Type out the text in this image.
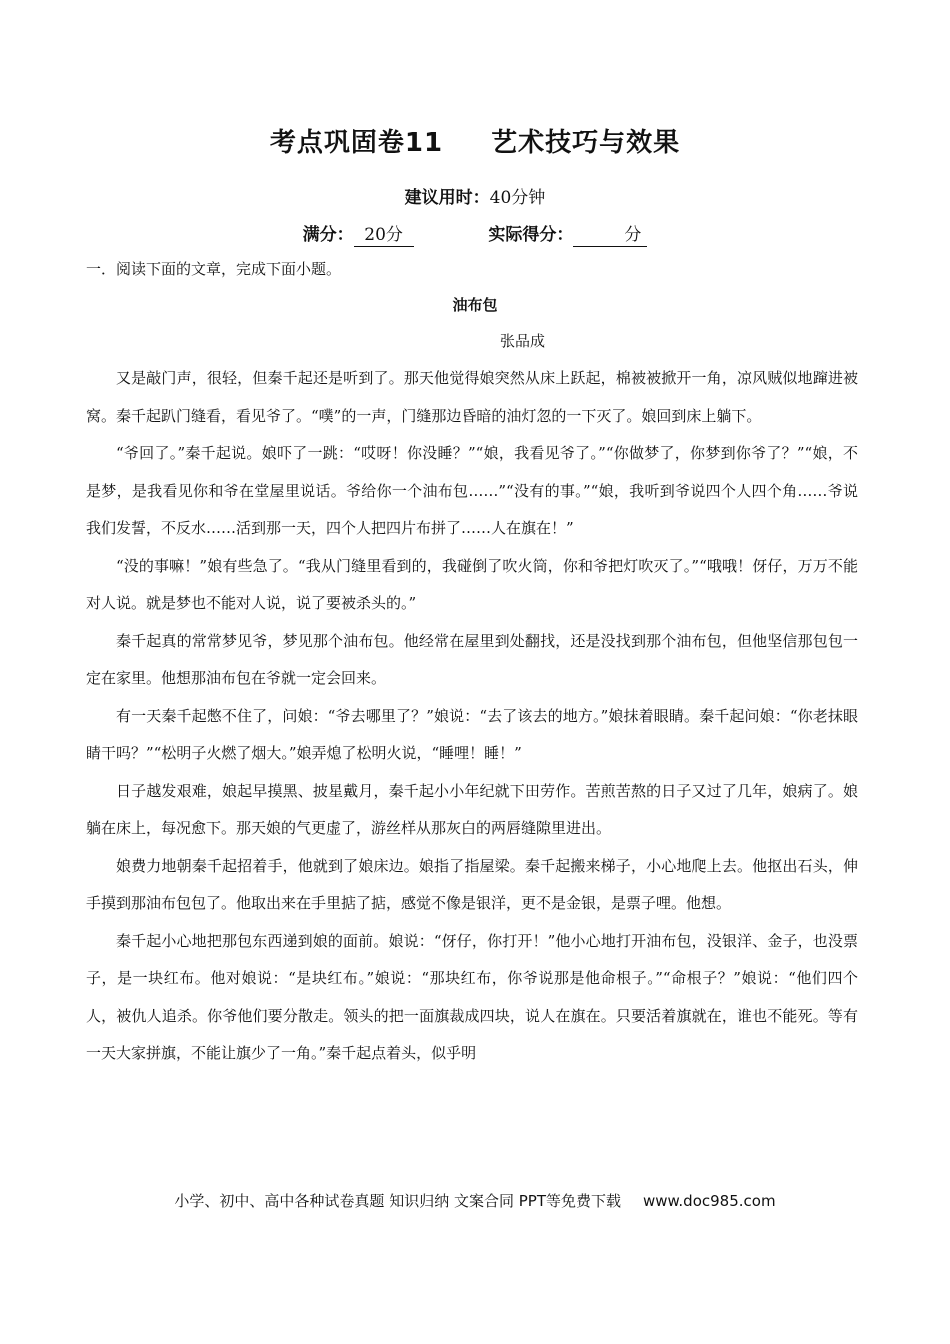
考点巩固卷11 艺术技巧与效果
建议用时：40分钟
满分： 20分	实际得分：	分
一．阅读下面的文章，完成下面小题。
油布包
张品成

又是敲门声，很轻，但秦千起还是听到了。那天他觉得娘突然从床上跃起，棉被被掀开一角，凉风贼似地蹿进被窝。秦千起趴门缝看，看见爷了。“噗”的一声，门缝那边昏暗的油灯忽的一下灭了。娘回到床上躺下。

“爷回了。”秦千起说。娘吓了一跳：“哎呀！你没睡？”“娘，我看见爷了。”“你做梦了，你梦到你爷了？”“娘，不是梦，是我看见你和爷在堂屋里说话。爷给你一个油布包……”“没有的事。”“娘，我听到爷说四个人四个角……爷说我们发誓，不反水……活到那一天，四个人把四片布拼了……人在旗在！”

“没的事嘛！”娘有些急了。“我从门缝里看到的，我碰倒了吹火筒，你和爷把灯吹灭了。”“哦哦！伢仔，万万不能对人说。就是梦也不能对人说，说了要被杀头的。”

秦千起真的常常梦见爷，梦见那个油布包。他经常在屋里到处翻找，还是没找到那个油布包，但他坚信那包包一定在家里。他想那油布包在爷就一定会回来。

有一天秦千起憋不住了，问娘：“爷去哪里了？”娘说：“去了该去的地方。”娘抹着眼睛。秦千起问娘：“你老抹眼睛干吗？”“松明子火燃了烟大。”娘弄熄了松明火说，“睡哩！睡！”

日子越发艰难，娘起早摸黑、披星戴月，秦千起小小年纪就下田劳作。苦煎苦熬的日子又过了几年，娘病了。娘躺在床上，每况愈下。那天娘的气更虚了，游丝样从那灰白的两唇缝隙里进出。

娘费力地朝秦千起招着手，他就到了娘床边。娘指了指屋梁。秦千起搬来梯子，小心地爬上去。他抠出石头，伸手摸到那油布包包了。他取出来在手里掂了掂，感觉不像是银洋，更不是金银，是票子哩。他想。

秦千起小心地把那包东西递到娘的面前。娘说：“伢仔，你打开！”他小心地打开油布包，没银洋、金子，也没票子，是一块红布。他对娘说：“是块红布。”娘说：“那块红布，你爷说那是他命根子。”“命根子？”娘说：“他们四个人，被仇人追杀。你爷他们要分散走。领头的把一面旗裁成四块，说人在旗在。只要活着旗就在，谁也不能死。等有一天大家拼旗，不能让旗少了一角。”秦千起点着头，似乎明

小学、初中、高中各种试卷真题 知识归纳 文案合同 PPT等免费下载 www.doc985.com
